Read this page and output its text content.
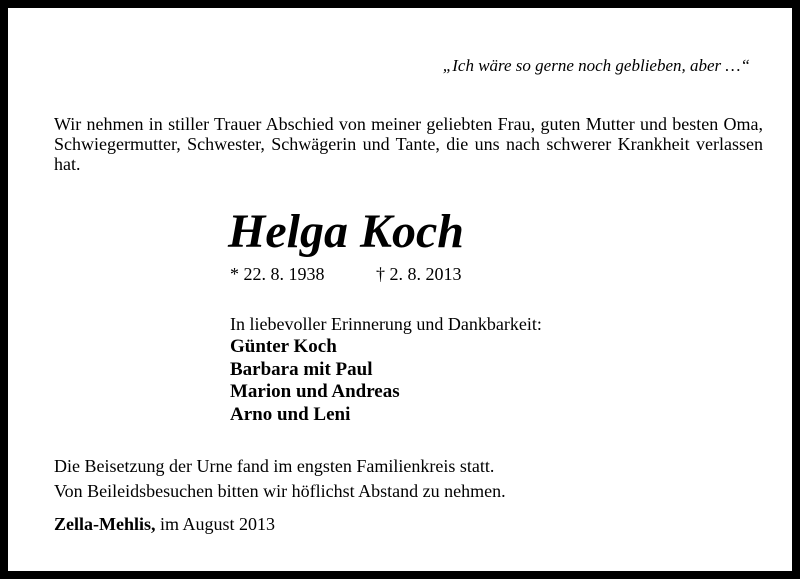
„Ich wäre so gerne noch geblieben, aber …“
Wir nehmen in stiller Trauer Abschied von meiner geliebten Frau, guten Mutter und besten Oma, Schwiegermutter, Schwester, Schwägerin und Tante, die uns nach schwerer Krankheit verlassen hat.
Helga Koch
* 22. 8. 1938	† 2. 8. 2013
In liebevoller Erinnerung und Dankbarkeit:
Günter Koch
Barbara mit Paul
Marion und Andreas
Arno und Leni
Die Beisetzung der Urne fand im engsten Familienkreis statt.
Von Beileidsbesuchen bitten wir höflichst Abstand zu nehmen.
Zella-Mehlis, im August 2013
